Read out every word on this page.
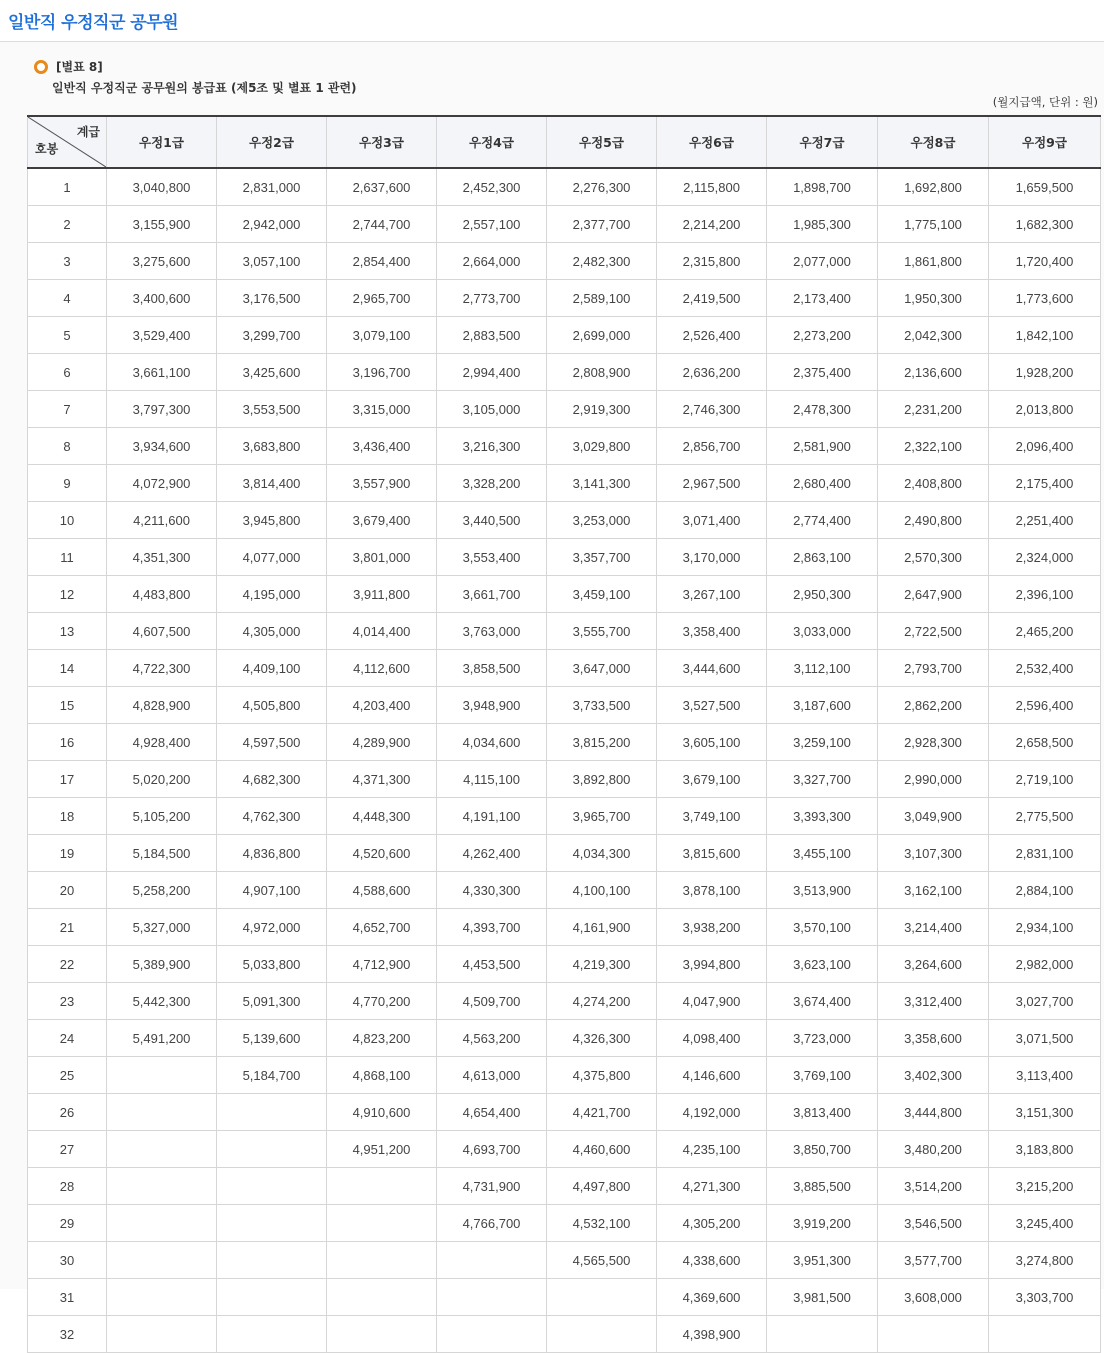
일반직 우정직군 공무원
[별표 8]
일반직 우정직군 공무원의 봉급표 (제5조 및 별표 1 관련)
(월지급액, 단위 : 원)
계급
호봉	우정1급	우정2급	우정3급	우정4급	우정5급	우정6급	우정7급	우정8급	우정9급
1	3,040,800	2,831,000	2,637,600	2,452,300	2,276,300	2,115,800	1,898,700	1,692,800	1,659,500
2	3,155,900	2,942,000	2,744,700	2,557,100	2,377,700	2,214,200	1,985,300	1,775,100	1,682,300
3	3,275,600	3,057,100	2,854,400	2,664,000	2,482,300	2,315,800	2,077,000	1,861,800	1,720,400
4	3,400,600	3,176,500	2,965,700	2,773,700	2,589,100	2,419,500	2,173,400	1,950,300	1,773,600
5	3,529,400	3,299,700	3,079,100	2,883,500	2,699,000	2,526,400	2,273,200	2,042,300	1,842,100
6	3,661,100	3,425,600	3,196,700	2,994,400	2,808,900	2,636,200	2,375,400	2,136,600	1,928,200
7	3,797,300	3,553,500	3,315,000	3,105,000	2,919,300	2,746,300	2,478,300	2,231,200	2,013,800
8	3,934,600	3,683,800	3,436,400	3,216,300	3,029,800	2,856,700	2,581,900	2,322,100	2,096,400
9	4,072,900	3,814,400	3,557,900	3,328,200	3,141,300	2,967,500	2,680,400	2,408,800	2,175,400
10	4,211,600	3,945,800	3,679,400	3,440,500	3,253,000	3,071,400	2,774,400	2,490,800	2,251,400
11	4,351,300	4,077,000	3,801,000	3,553,400	3,357,700	3,170,000	2,863,100	2,570,300	2,324,000
12	4,483,800	4,195,000	3,911,800	3,661,700	3,459,100	3,267,100	2,950,300	2,647,900	2,396,100
13	4,607,500	4,305,000	4,014,400	3,763,000	3,555,700	3,358,400	3,033,000	2,722,500	2,465,200
14	4,722,300	4,409,100	4,112,600	3,858,500	3,647,000	3,444,600	3,112,100	2,793,700	2,532,400
15	4,828,900	4,505,800	4,203,400	3,948,900	3,733,500	3,527,500	3,187,600	2,862,200	2,596,400
16	4,928,400	4,597,500	4,289,900	4,034,600	3,815,200	3,605,100	3,259,100	2,928,300	2,658,500
17	5,020,200	4,682,300	4,371,300	4,115,100	3,892,800	3,679,100	3,327,700	2,990,000	2,719,100
18	5,105,200	4,762,300	4,448,300	4,191,100	3,965,700	3,749,100	3,393,300	3,049,900	2,775,500
19	5,184,500	4,836,800	4,520,600	4,262,400	4,034,300	3,815,600	3,455,100	3,107,300	2,831,100
20	5,258,200	4,907,100	4,588,600	4,330,300	4,100,100	3,878,100	3,513,900	3,162,100	2,884,100
21	5,327,000	4,972,000	4,652,700	4,393,700	4,161,900	3,938,200	3,570,100	3,214,400	2,934,100
22	5,389,900	5,033,800	4,712,900	4,453,500	4,219,300	3,994,800	3,623,100	3,264,600	2,982,000
23	5,442,300	5,091,300	4,770,200	4,509,700	4,274,200	4,047,900	3,674,400	3,312,400	3,027,700
24	5,491,200	5,139,600	4,823,200	4,563,200	4,326,300	4,098,400	3,723,000	3,358,600	3,071,500
25		5,184,700	4,868,100	4,613,000	4,375,800	4,146,600	3,769,100	3,402,300	3,113,400
26			4,910,600	4,654,400	4,421,700	4,192,000	3,813,400	3,444,800	3,151,300
27			4,951,200	4,693,700	4,460,600	4,235,100	3,850,700	3,480,200	3,183,800
28				4,731,900	4,497,800	4,271,300	3,885,500	3,514,200	3,215,200
29				4,766,700	4,532,100	4,305,200	3,919,200	3,546,500	3,245,400
30					4,565,500	4,338,600	3,951,300	3,577,700	3,274,800
31						4,369,600	3,981,500	3,608,000	3,303,700
32						4,398,900			
